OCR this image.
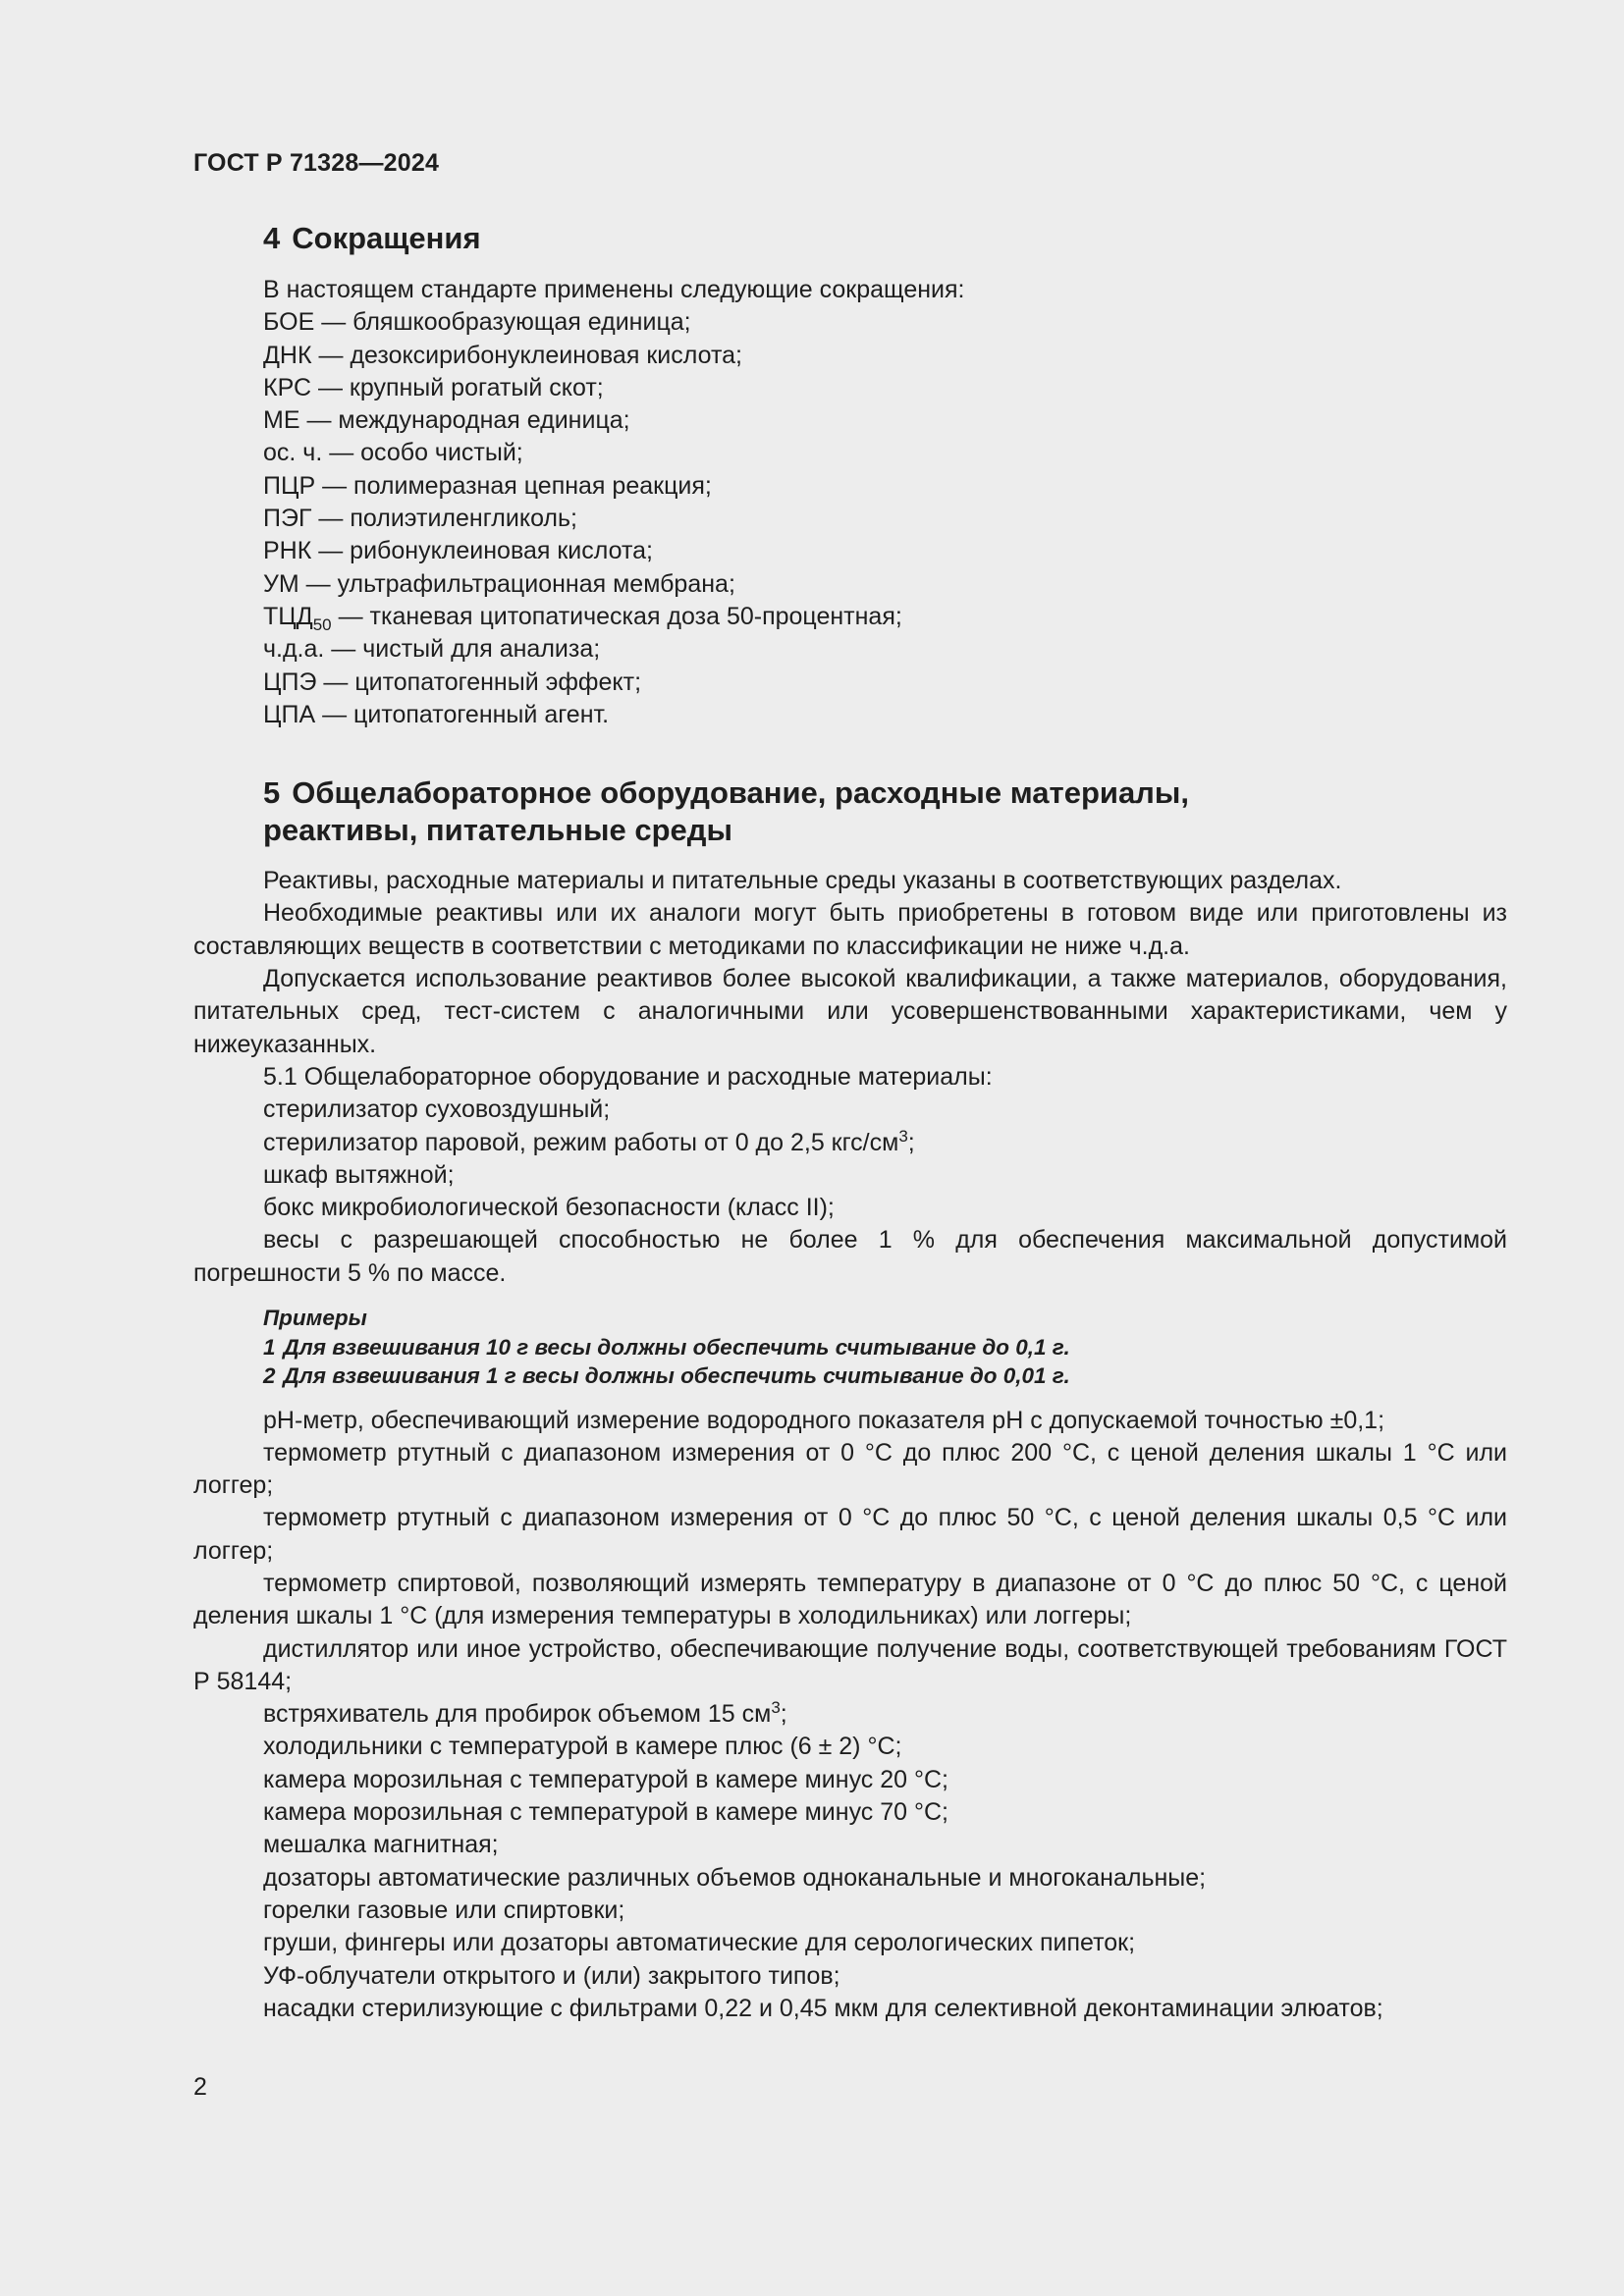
ГОСТ Р 71328—2024
4 Сокращения
В настоящем стандарте применены следующие сокращения:
БОЕ — бляшкообразующая единица;
ДНК — дезоксирибонуклеиновая кислота;
КРС — крупный рогатый скот;
МЕ — международная единица;
ос. ч. — особо чистый;
ПЦР — полимеразная цепная реакция;
ПЭГ — полиэтиленгликоль;
РНК — рибонуклеиновая кислота;
УМ — ультрафильтрационная мембрана;
$ТЦД_{50}$ — тканевая цитопатическая доза 50-процентная;
ч.д.а. — чистый для анализа;
ЦПЭ — цитопатогенный эффект;
ЦПА — цитопатогенный агент.
5 Общелабораторное оборудование, расходные материалы,
реактивы, питательные среды
Реактивы, расходные материалы и питательные среды указаны в соответствующих разделах.
Необходимые реактивы или их аналоги могут быть приобретены в готовом виде или приготовлены из составляющих веществ в соответствии с методиками по классификации не ниже ч.д.а.
Допускается использование реактивов более высокой квалификации, а также материалов, оборудования, питательных сред, тест-систем с аналогичными или усовершенствованными характеристиками, чем у нижеуказанных.
5.1 Общелабораторное оборудование и расходные материалы:
стерилизатор суховоздушный;
стерилизатор паровой, режим работы от 0 до 2,5 кгс/$см^3$;
шкаф вытяжной;
бокс микробиологической безопасности (класс II);
весы с разрешающей способностью не более 1 % для обеспечения максимальной допустимой погрешности 5 % по массе.
Примеры
1 Для взвешивания 10 г весы должны обеспечить считывание до 0,1 г.
2 Для взвешивания 1 г весы должны обеспечить считывание до 0,01 г.
pH-метр, обеспечивающий измерение водородного показателя pH с допускаемой точностью ±0,1;
термометр ртутный с диапазоном измерения от 0 °С до плюс 200 °С, с ценой деления шкалы 1 °С или логгер;
термометр ртутный с диапазоном измерения от 0 °С до плюс 50 °С, с ценой деления шкалы 0,5 °С или логгер;
термометр спиртовой, позволяющий измерять температуру в диапазоне от 0 °С до плюс 50 °С, с ценой деления шкалы 1 °С (для измерения температуры в холодильниках) или логгеры;
дистиллятор или иное устройство, обеспечивающие получение воды, соответствующей требованиям ГОСТ Р 58144;
встряхиватель для пробирок объемом 15 $см^3$;
холодильники с температурой в камере плюс (6 ± 2) °С;
камера морозильная с температурой в камере минус 20 °С;
камера морозильная с температурой в камере минус 70 °С;
мешалка магнитная;
дозаторы автоматические различных объемов одноканальные и многоканальные;
горелки газовые или спиртовки;
груши, фингеры или дозаторы автоматические для серологических пипеток;
УФ-облучатели открытого и (или) закрытого типов;
насадки стерилизующие с фильтрами 0,22 и 0,45 мкм для селективной деконтаминации элюатов;
2
